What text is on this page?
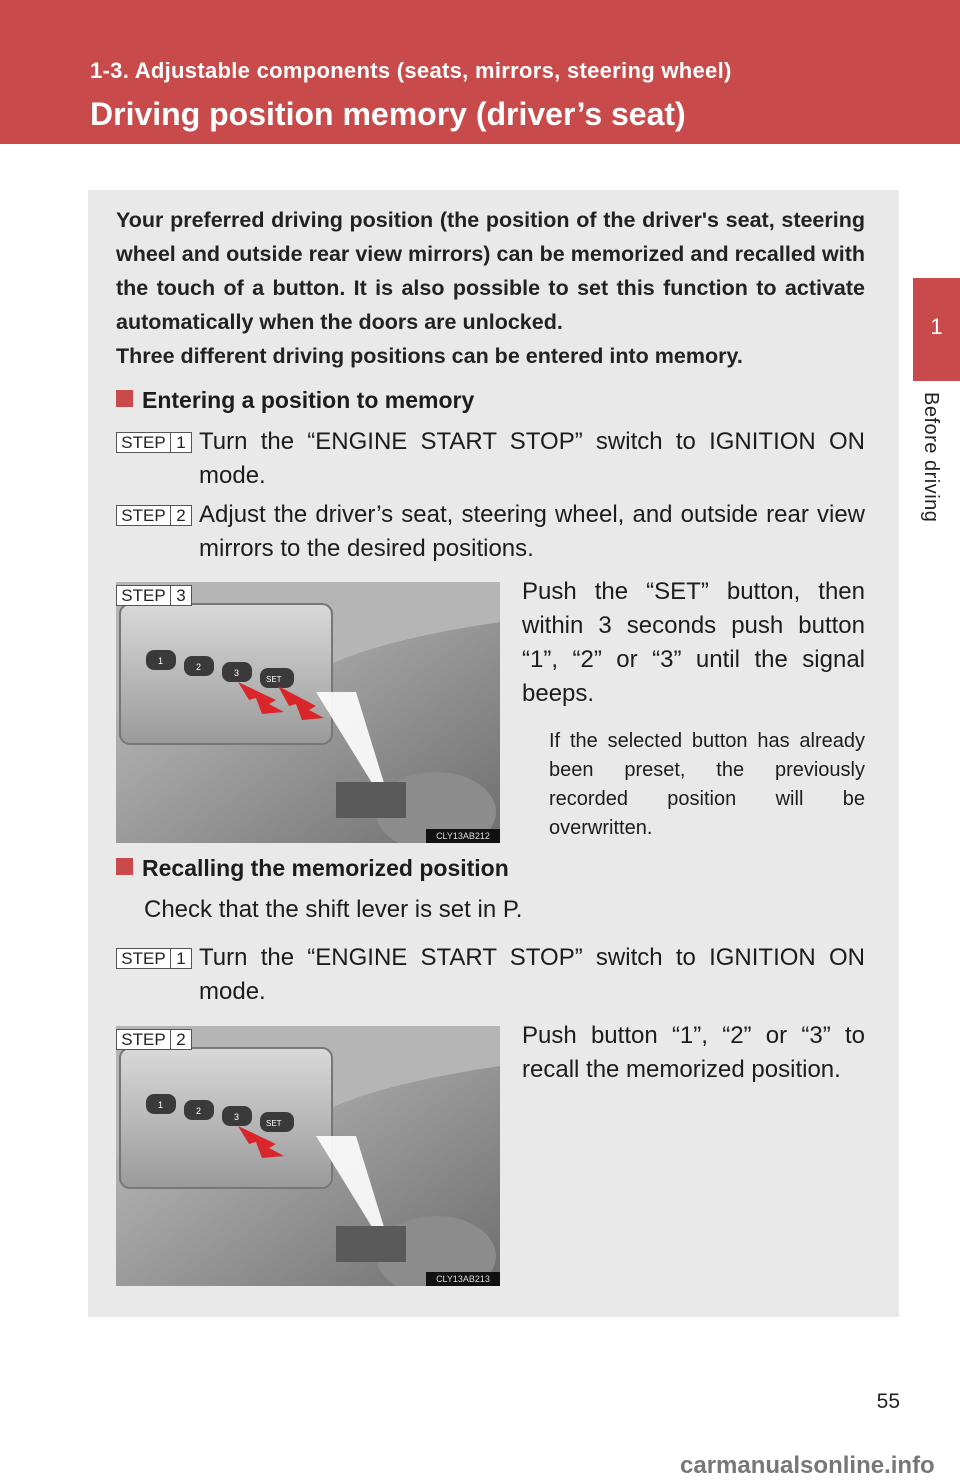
1-3. Adjustable components (seats, mirrors, steering wheel)
Driving position memory (driver’s seat)
1
Before driving

Your preferred driving position (the position of the driver's seat, steering wheel and outside rear view mirrors) can be memorized and recalled with the touch of a button. It is also possible to set this function to activate automatically when the doors are unlocked.

Three different driving positions can be entered into memory.

Entering a position to memory
STEP 1 Turn the “ENGINE START STOP” switch to IGNITION ON mode.
STEP 2 Adjust the driver’s seat, steering wheel, and outside rear view mirrors to the desired positions.
1
2
3
SET
CLY13AB212
STEP 3	Push the “SET” button, then within 3 seconds push button “1”, “2” or “3” until the signal beeps.
If the selected button has already been preset, the previously recorded position will be overwritten.
Recalling the memorized position
Check that the shift lever is set in P.
STEP 1 Turn the “ENGINE START STOP” switch to IGNITION ON mode.
1
2
3
SET
CLY13AB213
STEP 2	Push button “1”, “2” or “3” to recall the memorized position.
55
carmanualsonline.info
